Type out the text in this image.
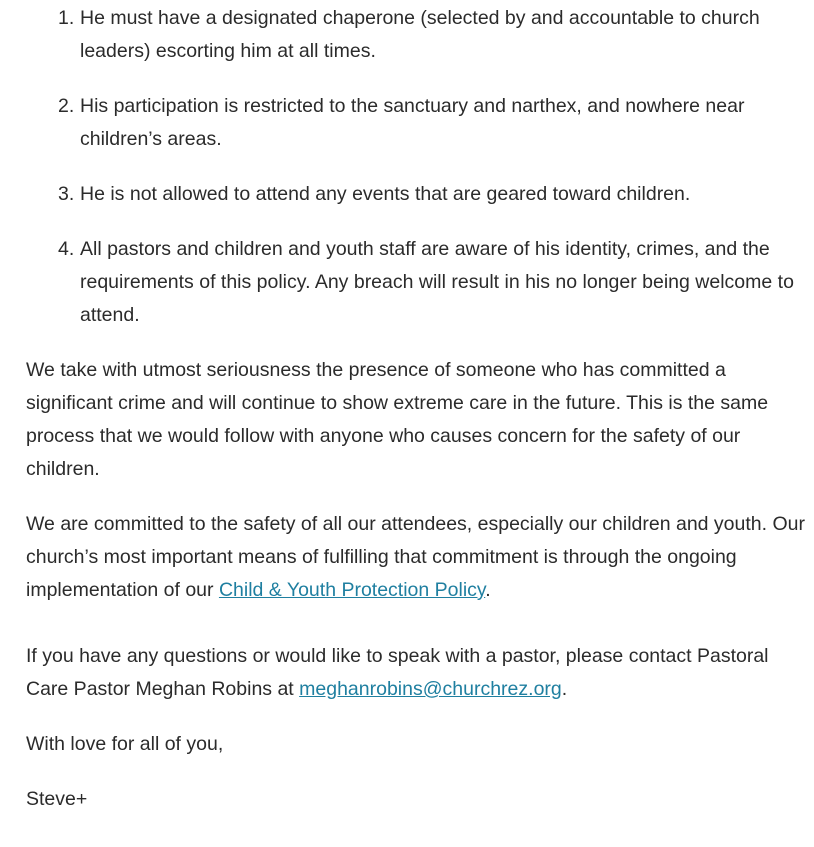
1. He must have a designated chaperone (selected by and accountable to church leaders) escorting him at all times.
2. His participation is restricted to the sanctuary and narthex, and nowhere near children’s areas.
3. He is not allowed to attend any events that are geared toward children.
4. All pastors and children and youth staff are aware of his identity, crimes, and the requirements of this policy. Any breach will result in his no longer being welcome to attend.

We take with utmost seriousness the presence of someone who has committed a significant crime and will continue to show extreme care in the future. This is the same process that we would follow with anyone who causes concern for the safety of our children.

We are committed to the safety of all our attendees, especially our children and youth. Our church’s most important means of fulfilling that commitment is through the ongoing implementation of our Child & Youth Protection Policy.

If you have any questions or would like to speak with a pastor, please contact Pastoral Care Pastor Meghan Robins at meghanrobins@churchrez.org.

With love for all of you,

Steve+
